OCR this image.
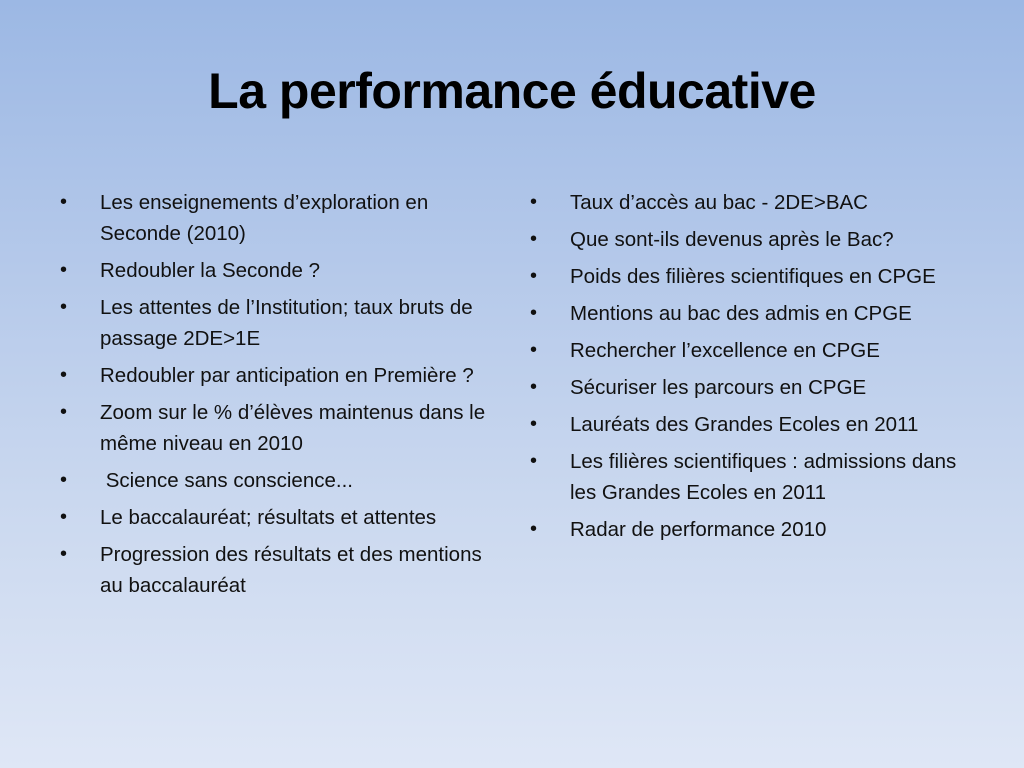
La performance éducative
• Les enseignements d’exploration en Seconde (2010)
• Redoubler la Seconde ?
• Les attentes de l’Institution; taux bruts de passage 2DE>1E
• Redoubler par anticipation en Première ?
• Zoom sur le % d’élèves maintenus dans le même niveau en 2010
• Science sans conscience...
• Le baccalauréat; résultats et attentes
• Progression des résultats et des mentions au baccalauréat
• Taux d’accès au bac - 2DE>BAC
• Que sont-ils devenus après le Bac?
• Poids des filières scientifiques en CPGE
• Mentions au bac des admis en CPGE
• Rechercher l’excellence en CPGE
• Sécuriser les parcours en CPGE
• Lauréats des Grandes Ecoles en 2011
• Les filières scientifiques : admissions dans les Grandes Ecoles en 2011
• Radar de performance 2010
